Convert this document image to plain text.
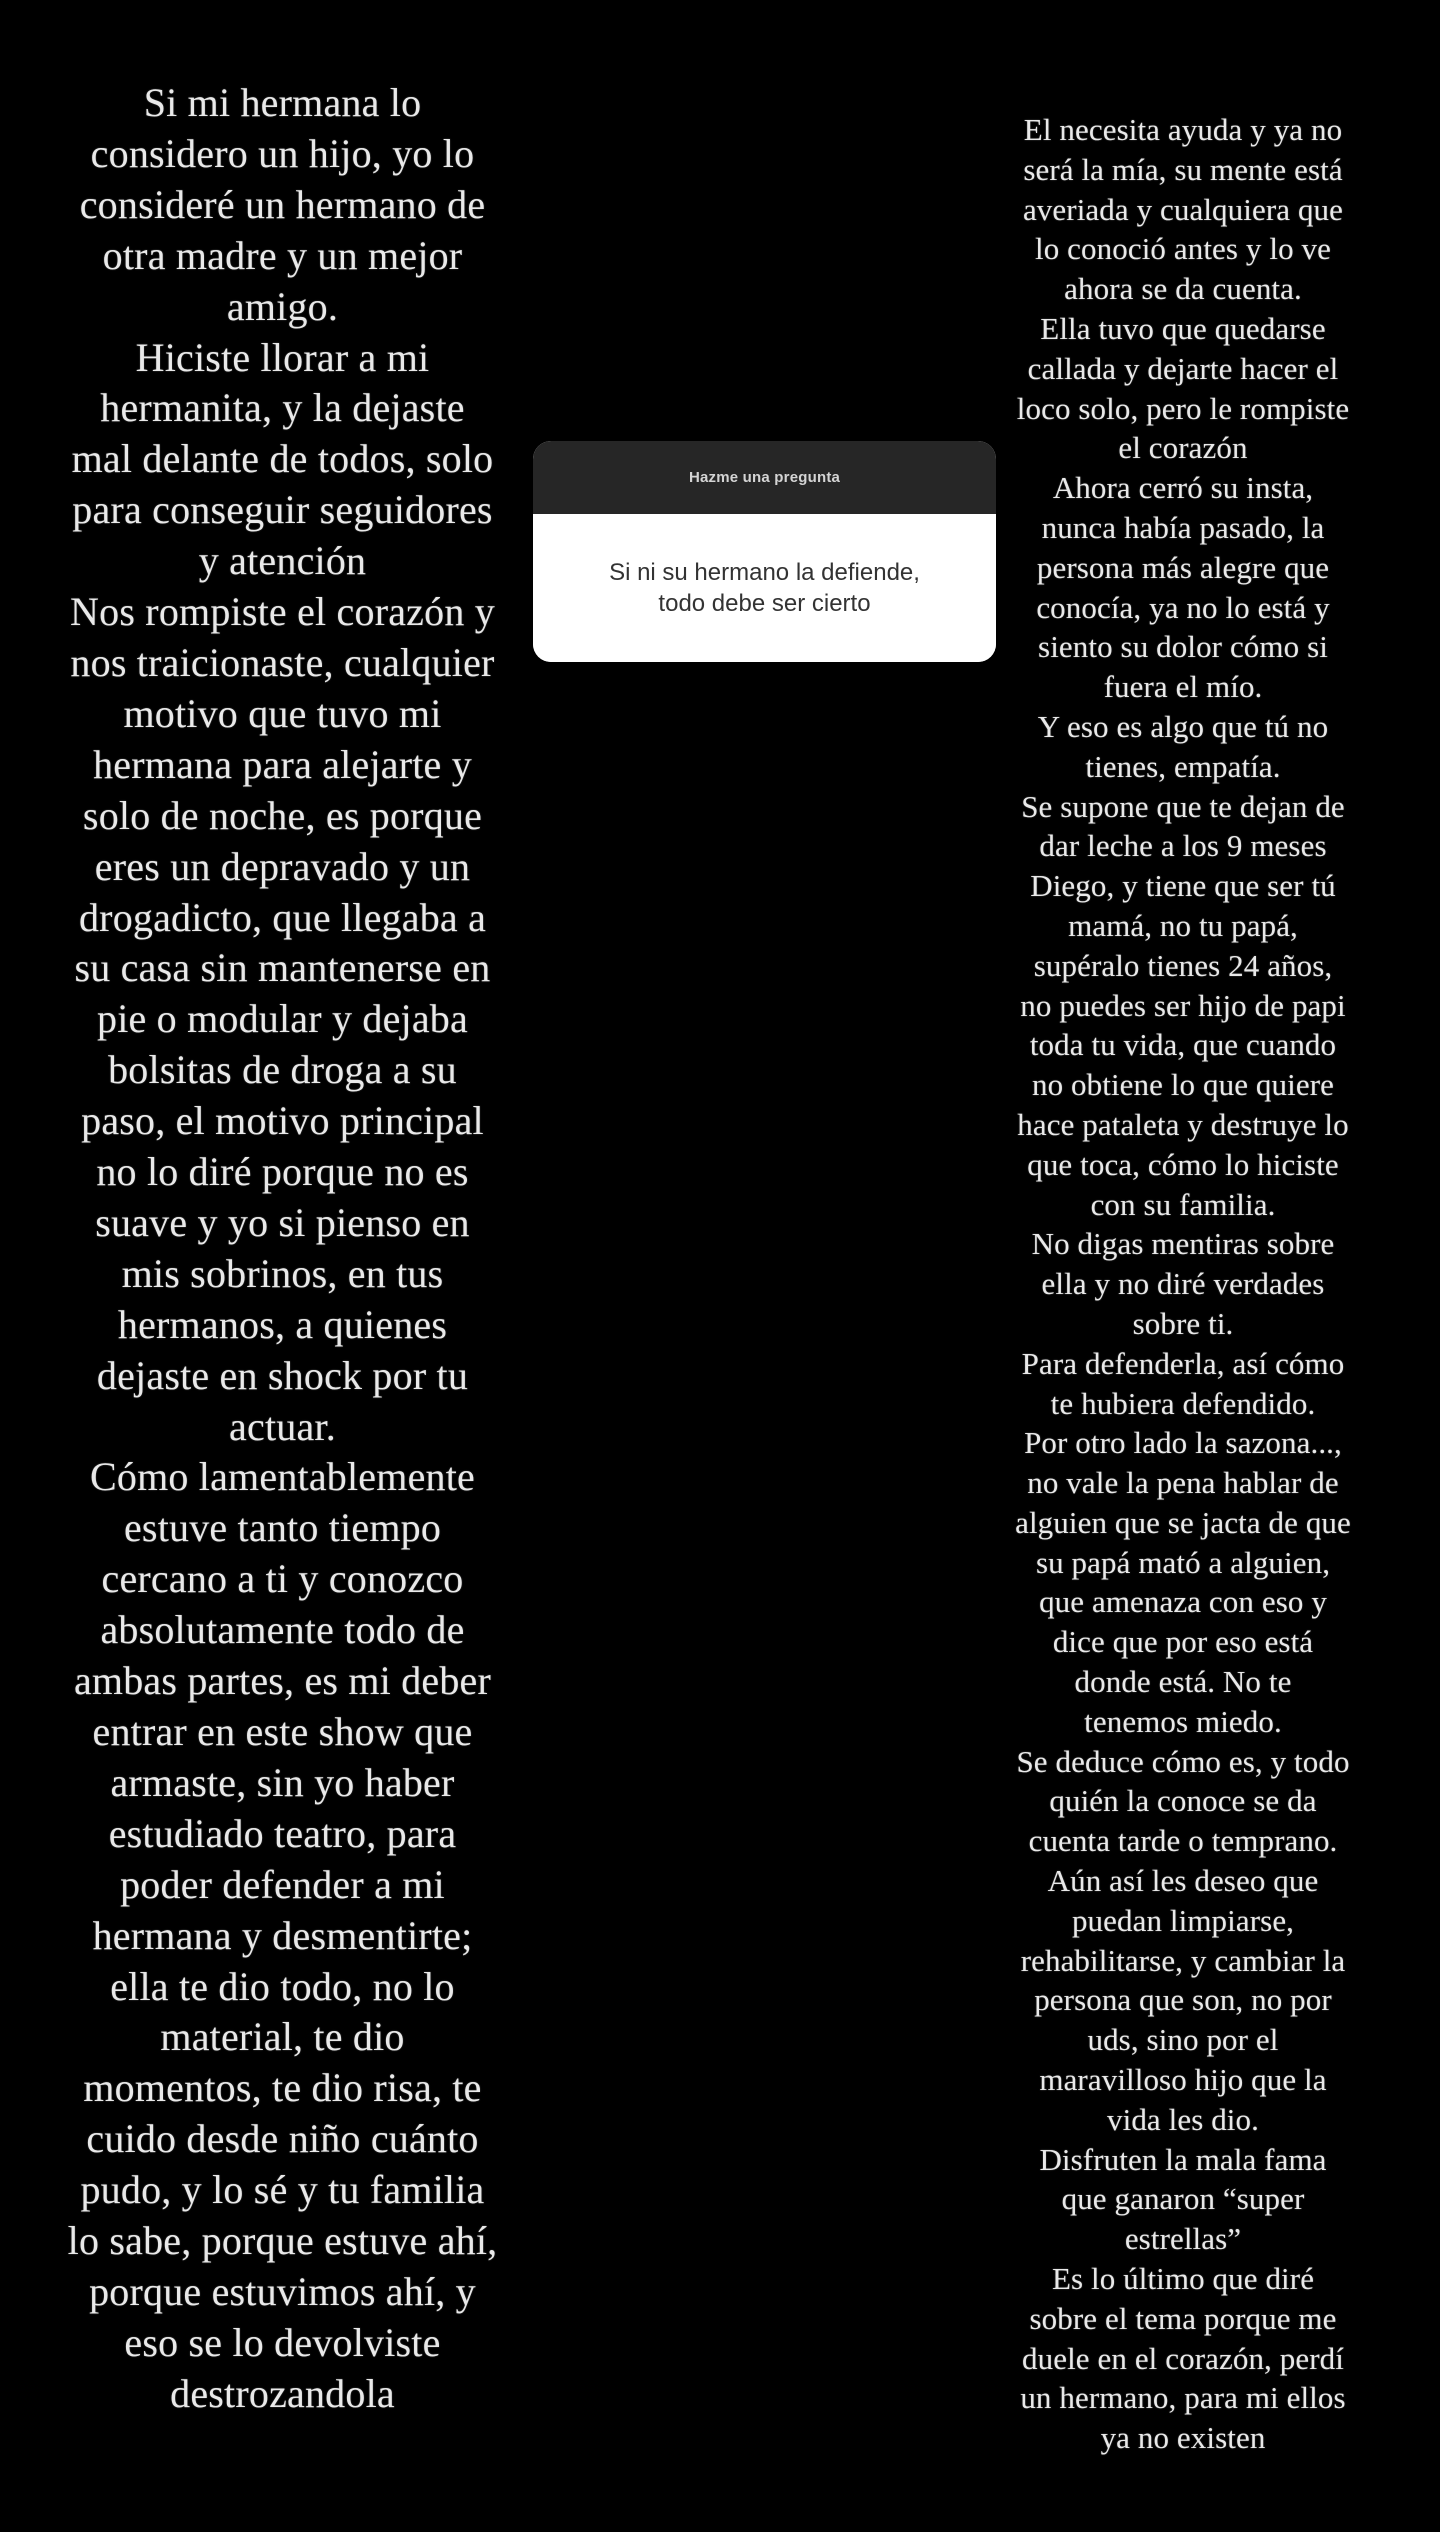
Si mi hermana lo
considero un hijo, yo lo
consideré un hermano de
otra madre y un mejor
amigo.
Hiciste llorar a mi
hermanita, y la dejaste
mal delante de todos, solo
para conseguir seguidores
y atención
Nos rompiste el corazón y
nos traicionaste, cualquier
motivo que tuvo mi
hermana para alejarte y
solo de noche, es porque
eres un depravado y un
drogadicto, que llegaba a
su casa sin mantenerse en
pie o modular y dejaba
bolsitas de droga a su
paso, el motivo principal
no lo diré porque no es
suave y yo si pienso en
mis sobrinos, en tus
hermanos, a quienes
dejaste en shock por tu
actuar.
Cómo lamentablemente
estuve tanto tiempo
cercano a ti y conozco
absolutamente todo de
ambas partes, es mi deber
entrar en este show que
armaste, sin yo haber
estudiado teatro, para
poder defender a mi
hermana y desmentirte;
ella te dio todo, no lo
material, te dio
momentos, te dio risa, te
cuido desde niño cuánto
pudo, y lo sé y tu familia
lo sabe, porque estuve ahí,
porque estuvimos ahí, y
eso se lo devolviste
destrozandola
Hazme una pregunta
Si ni su hermano la defiende,
todo debe ser cierto
El necesita ayuda y ya no
será la mía, su mente está
averiada y cualquiera que
lo conoció antes y lo ve
ahora se da cuenta.
Ella tuvo que quedarse
callada y dejarte hacer el
loco solo, pero le rompiste
el corazón
Ahora cerró su insta,
nunca había pasado, la
persona más alegre que
conocía, ya no lo está y
siento su dolor cómo si
fuera el mío.
Y eso es algo que tú no
tienes, empatía.
Se supone que te dejan de
dar leche a los 9 meses
Diego, y tiene que ser tú
mamá, no tu papá,
supéralo tienes 24 años,
no puedes ser hijo de papi
toda tu vida, que cuando
no obtiene lo que quiere
hace pataleta y destruye lo
que toca, cómo lo hiciste
con su familia.
No digas mentiras sobre
ella y no diré verdades
sobre ti.
Para defenderla, así cómo
te hubiera defendido.
Por otro lado la sazona...,
no vale la pena hablar de
alguien que se jacta de que
su papá mató a alguien,
que amenaza con eso y
dice que por eso está
donde está. No te
tenemos miedo.
Se deduce cómo es, y todo
quién la conoce se da
cuenta tarde o temprano.
Aún así les deseo que
puedan limpiarse,
rehabilitarse, y cambiar la
persona que son, no por
uds, sino por el
maravilloso hijo que la
vida les dio.
Disfruten la mala fama
que ganaron “super
estrellas”
Es lo último que diré
sobre el tema porque me
duele en el corazón, perdí
un hermano, para mi ellos
ya no existen
